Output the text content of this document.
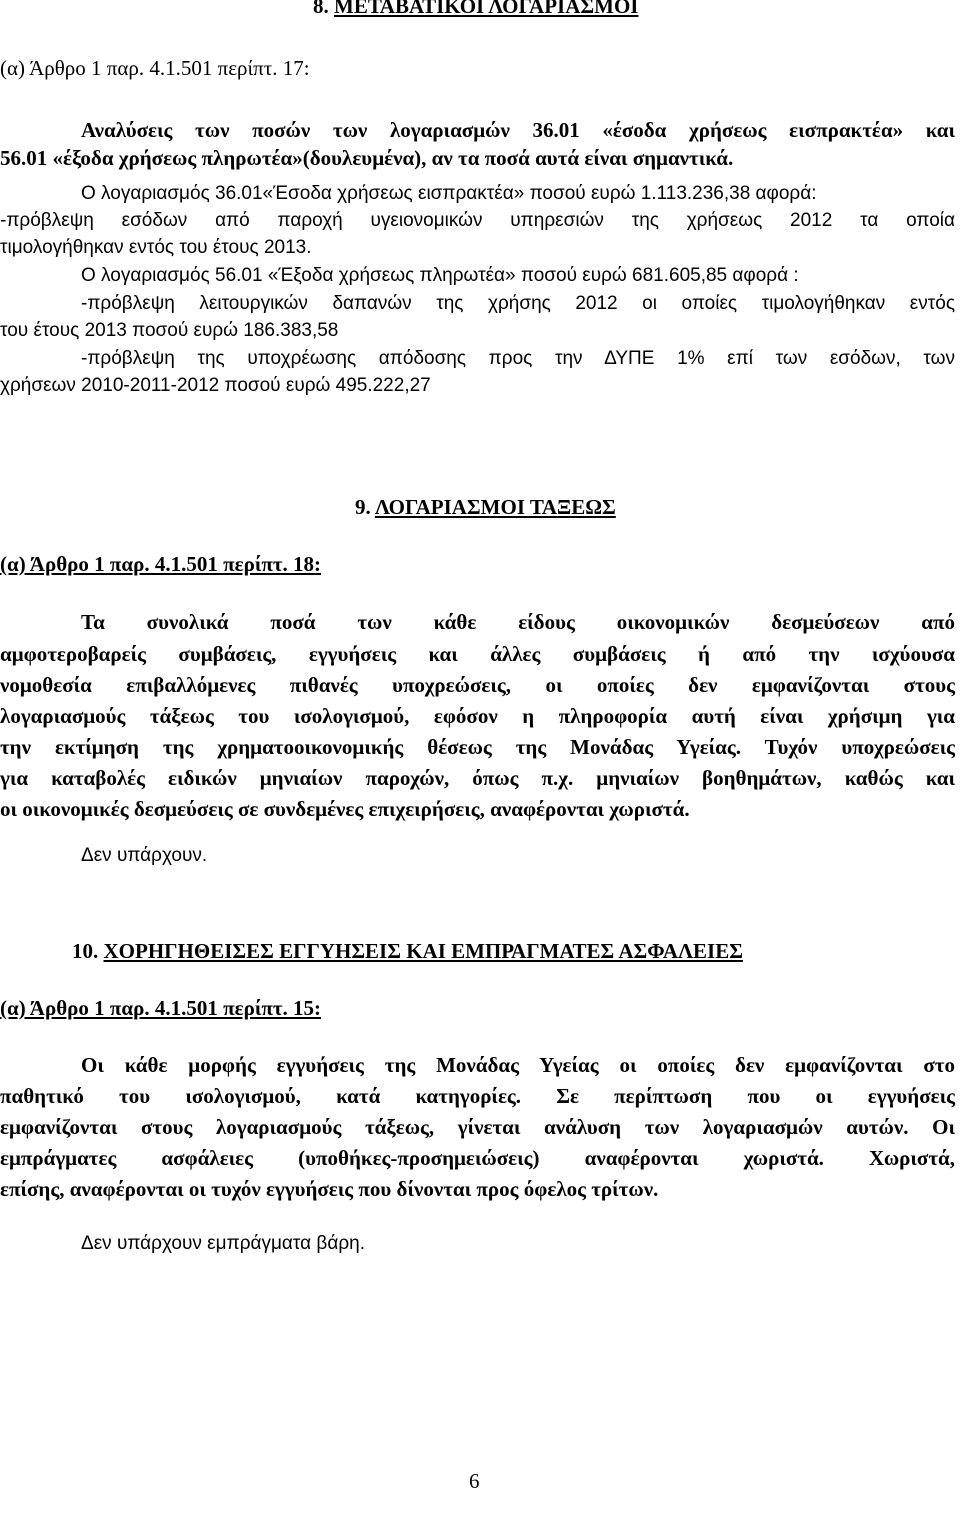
8. ΜΕΤΑΒΑΤΙΚΟΙ ΛΟΓΑΡΙΑΣΜΟΙ
(α) Άρθρο 1 παρ. 4.1.501 περίπτ. 17:
Αναλύσεις των ποσών των λογαριασμών 36.01 «έσοδα χρήσεως εισπρακτέα» και
56.01 «έξοδα χρήσεως πληρωτέα»(δουλευμένα), αν τα ποσά αυτά είναι σημαντικά.
Ο λογαριασμός 36.01«Έσοδα χρήσεως εισπρακτέα» ποσού ευρώ 1.113.236,38 αφορά:
-πρόβλεψη εσόδων από παροχή υγειονομικών υπηρεσιών της χρήσεως 2012 τα οποία
τιμολογήθηκαν εντός του έτους 2013.
Ο λογαριασμός 56.01 «Έξοδα χρήσεως πληρωτέα» ποσού ευρώ 681.605,85 αφορά :
-πρόβλεψη λειτουργικών δαπανών της χρήσης 2012 οι οποίες τιμολογήθηκαν εντός
του έτους 2013 ποσού ευρώ 186.383,58
-πρόβλεψη της υποχρέωσης απόδοσης προς την ΔΥΠΕ 1% επί των εσόδων, των
χρήσεων 2010-2011-2012 ποσού ευρώ 495.222,27
9. ΛΟΓΑΡΙΑΣΜΟΙ ΤΑΞΕΩΣ
(α) Άρθρο 1 παρ. 4.1.501 περίπτ. 18:
Τα συνολικά ποσά των κάθε είδους οικονομικών δεσμεύσεων από
αμφοτεροβαρείς συμβάσεις, εγγυήσεις και άλλες συμβάσεις ή από την ισχύουσα
νομοθεσία επιβαλλόμενες πιθανές υποχρεώσεις, οι οποίες δεν εμφανίζονται στους
λογαριασμούς τάξεως του ισολογισμού, εφόσον η πληροφορία αυτή είναι χρήσιμη για
την εκτίμηση της χρηματοοικονομικής θέσεως της Μονάδας Υγείας. Τυχόν υποχρεώσεις
για καταβολές ειδικών μηνιαίων παροχών, όπως π.χ. μηνιαίων βοηθημάτων, καθώς και
οι οικονομικές δεσμεύσεις σε συνδεμένες επιχειρήσεις, αναφέρονται χωριστά.
Δεν υπάρχουν.
10. ΧΟΡΗΓΗΘΕΙΣΕΣ ΕΓΓΥΗΣΕΙΣ ΚΑΙ ΕΜΠΡΑΓΜΑΤΕΣ ΑΣΦΑΛΕΙΕΣ
(α) Άρθρο 1 παρ. 4.1.501 περίπτ. 15:
Οι κάθε μορφής εγγυήσεις της Μονάδας Υγείας οι οποίες δεν εμφανίζονται στο
παθητικό του ισολογισμού, κατά κατηγορίες. Σε περίπτωση που οι εγγυήσεις
εμφανίζονται στους λογαριασμούς τάξεως, γίνεται ανάλυση των λογαριασμών αυτών. Οι
εμπράγματες ασφάλειες (υποθήκες-προσημειώσεις) αναφέρονται χωριστά. Χωριστά,
επίσης, αναφέρονται οι τυχόν εγγυήσεις που δίνονται προς όφελος τρίτων.
Δεν υπάρχουν εμπράγματα βάρη.
6
